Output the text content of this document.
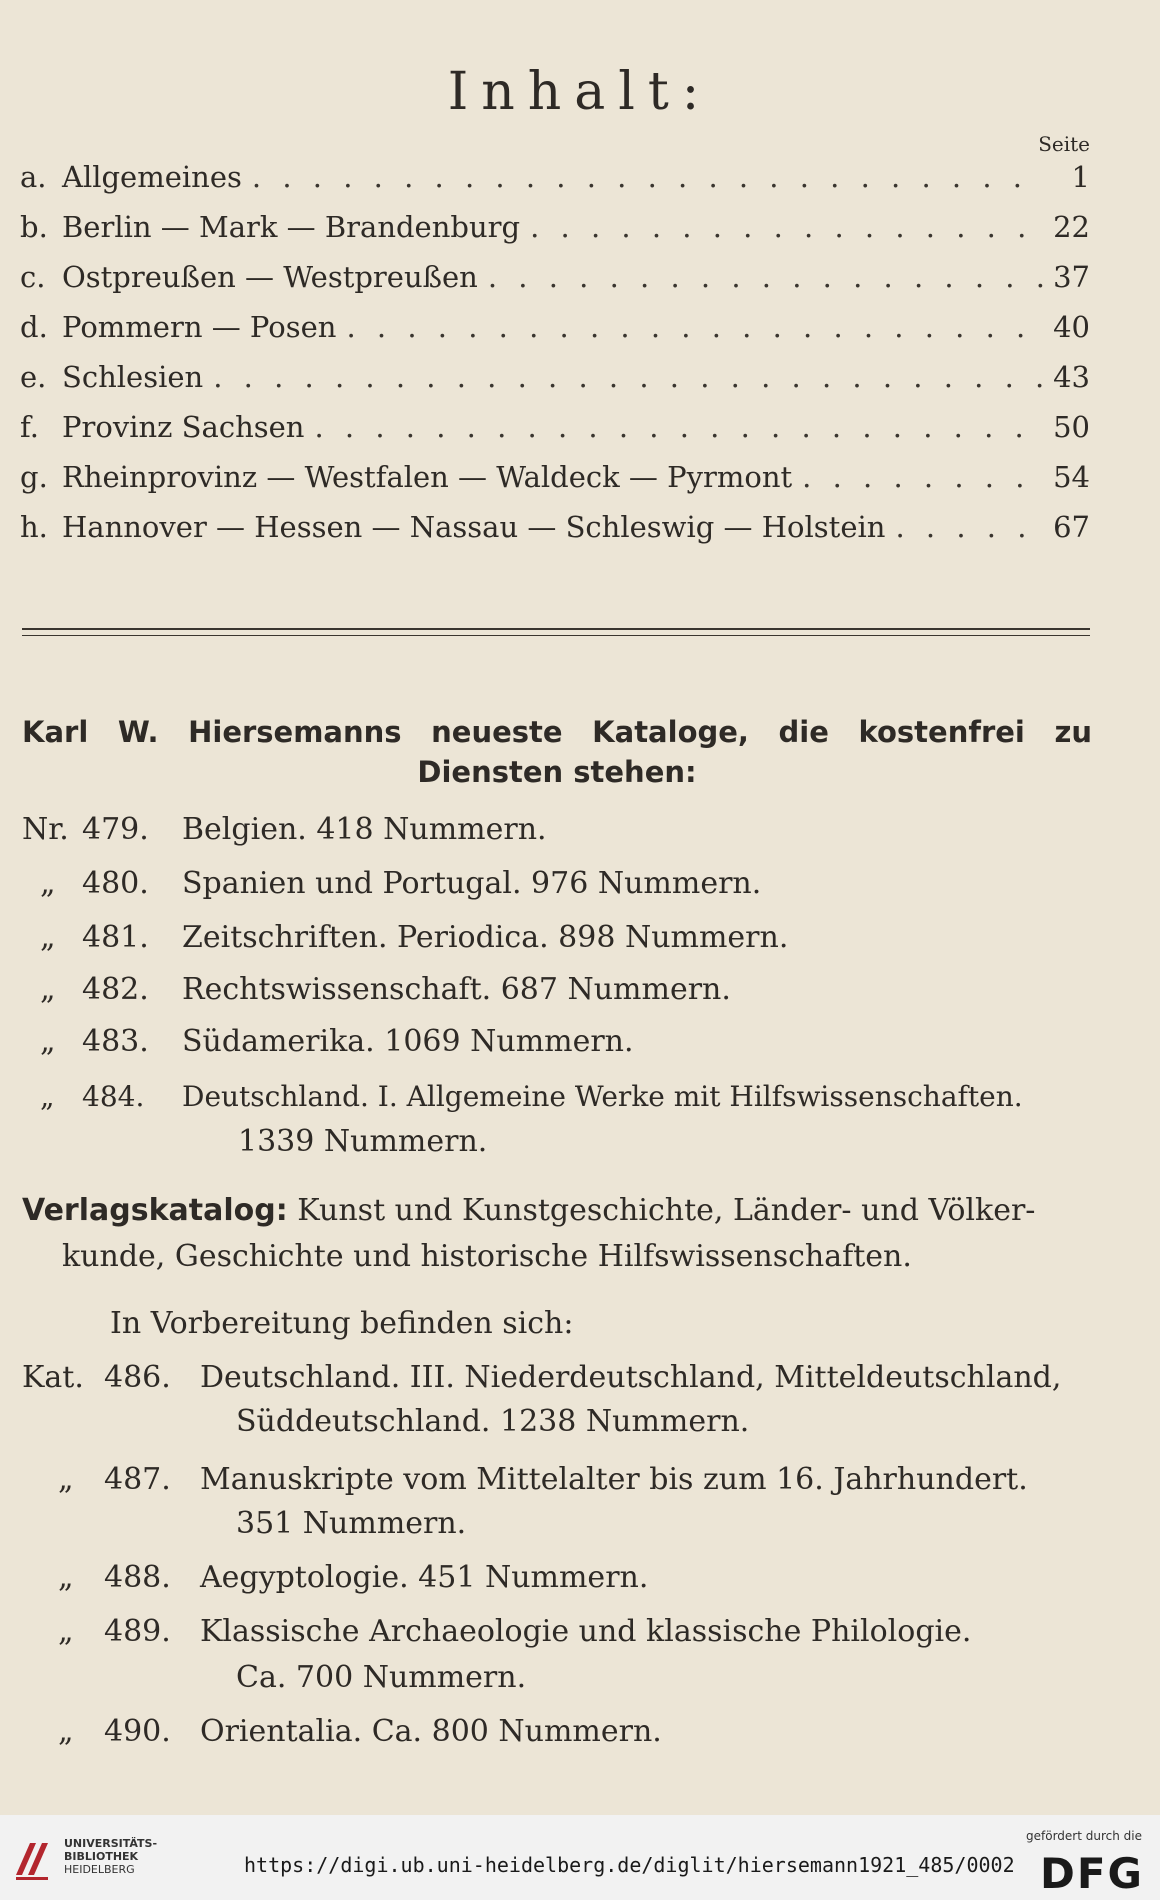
Inhalt:
Seite
a. Allgemeines . . .	1
b. Berlin — Mark — Brandenburg . . .	22
c. Ostpreußen — Westpreußen . . .	37
d. Pommern — Posen . . .	40
e. Schlesien . . .	43
f. Provinz Sachsen . . .	50
g. Rheinprovinz — Westfalen — Waldeck — Pyrmont . . .	54
h. Hannover — Hessen — Nassau — Schleswig — Holstein . . .	67
Karl W. Hiersemanns neueste Kataloge, die kostenfrei zu Diensten stehen:
Nr. 479. Belgien. 418 Nummern.
„ 480. Spanien und Portugal. 976 Nummern.
„ 481. Zeitschriften. Periodica. 898 Nummern.
„ 482. Rechtswissenschaft. 687 Nummern.
„ 483. Südamerika. 1069 Nummern.
„ 484. Deutschland. I. Allgemeine Werke mit Hilfswissenschaften.
1339 Nummern.
Verlagskatalog: Kunst und Kunstgeschichte, Länder- und Völker-
kunde, Geschichte und historische Hilfswissenschaften.
In Vorbereitung befinden sich:
Kat. 486. Deutschland. III. Niederdeutschland, Mitteldeutschland,
Süddeutschland. 1238 Nummern.
„ 487. Manuskripte vom Mittelalter bis zum 16. Jahrhundert.
351 Nummern.
„ 488. Aegyptologie. 451 Nummern.
„ 489. Klassische Archaeologie und klassische Philologie.
Ca. 700 Nummern.
„ 490. Orientalia. Ca. 800 Nummern.
UNIVERSITÄTS-
BIBLIOTHEK
HEIDELBERG	https://digi.ub.uni-heidelberg.de/diglit/hiersemann1921_485/0002
gefördert durch die
DFG
